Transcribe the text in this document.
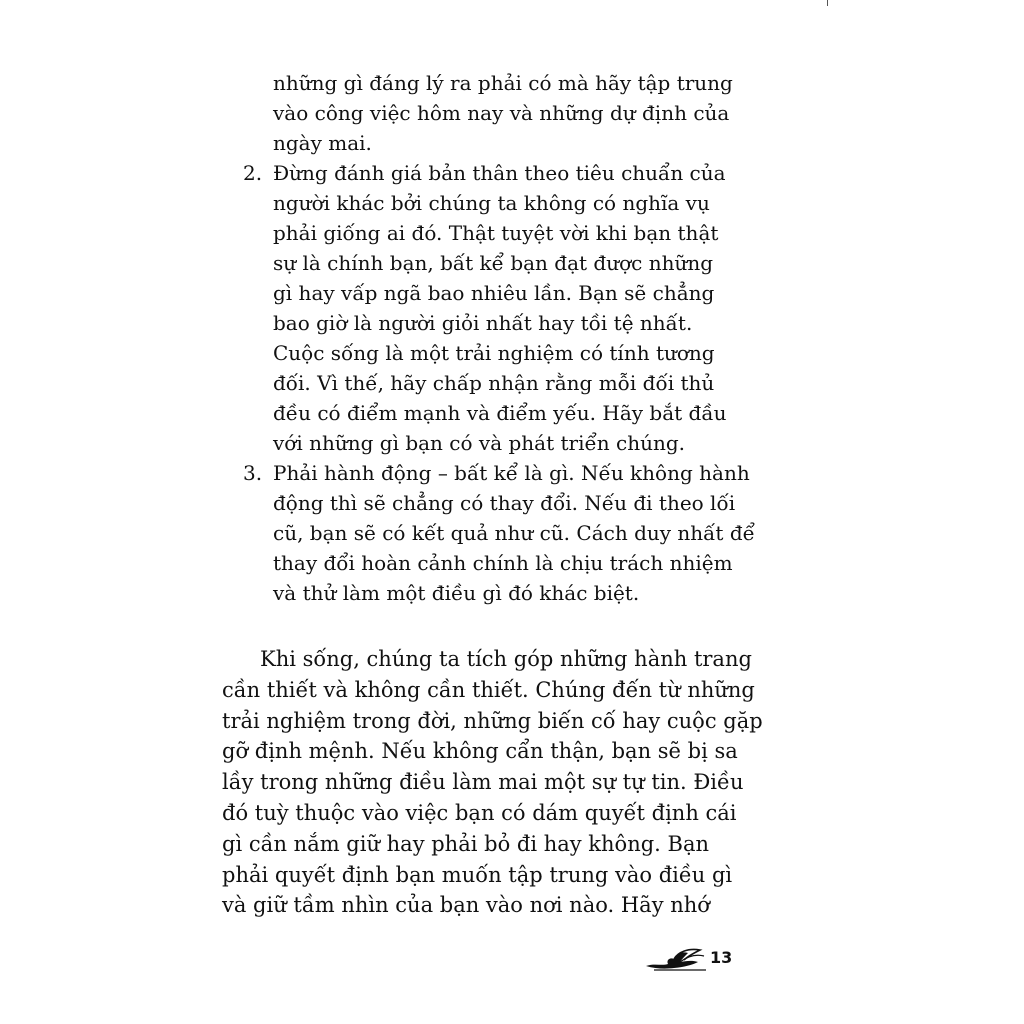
những gì đáng lý ra phải có mà hãy tập trung
vào công việc hôm nay và những dự định của
ngày mai.
2. Đừng đánh giá bản thân theo tiêu chuẩn của
người khác bởi chúng ta không có nghĩa vụ
phải giống ai đó. Thật tuyệt vời khi bạn thật
sự là chính bạn, bất kể bạn đạt được những
gì hay vấp ngã bao nhiêu lần. Bạn sẽ chẳng
bao giờ là người giỏi nhất hay tồi tệ nhất.
Cuộc sống là một trải nghiệm có tính tương
đối. Vì thế, hãy chấp nhận rằng mỗi đối thủ
đều có điểm mạnh và điểm yếu. Hãy bắt đầu
với những gì bạn có và phát triển chúng.
3. Phải hành động – bất kể là gì. Nếu không hành
động thì sẽ chẳng có thay đổi. Nếu đi theo lối
cũ, bạn sẽ có kết quả như cũ. Cách duy nhất để
thay đổi hoàn cảnh chính là chịu trách nhiệm
và thử làm một điều gì đó khác biệt.
Khi sống, chúng ta tích góp những hành trang
cần thiết và không cần thiết. Chúng đến từ những
trải nghiệm trong đời, những biến cố hay cuộc gặp
gỡ định mệnh. Nếu không cẩn thận, bạn sẽ bị sa
lầy trong những điều làm mai một sự tự tin. Điều
đó tuỳ thuộc vào việc bạn có dám quyết định cái
gì cần nắm giữ hay phải bỏ đi hay không. Bạn
phải quyết định bạn muốn tập trung vào điều gì
và giữ tầm nhìn của bạn vào nơi nào. Hãy nhớ
13
